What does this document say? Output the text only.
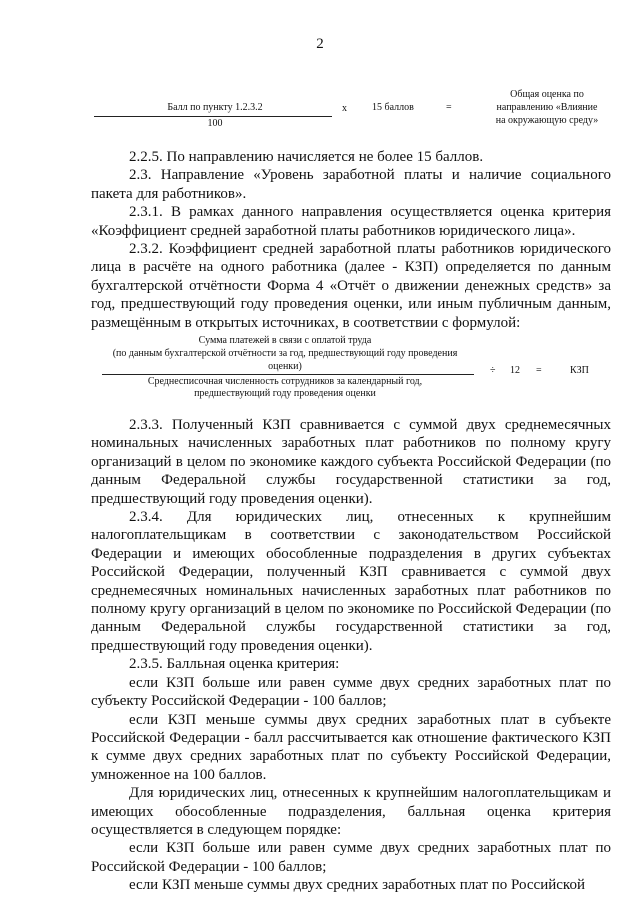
2
Балл по пункту 1.2.3.2
100
x	15 баллов	=
Общая оценка по
направлению «Влияние
на окружающую среду»

2.2.5. По направлению начисляется не более 15 баллов.

2.3. Направление «Уровень заработной платы и наличие социального пакета для работников».

2.3.1. В рамках данного направления осуществляется оценка критерия «Коэффициент средней заработной платы работников юридического лица».

2.3.2. Коэффициент средней заработной платы работников юридического лица в расчёте на одного работника (далее - КЗП) определяется по данным бухгалтерской отчётности Форма 4 «Отчёт о движении денежных средств» за год, предшествующий году проведения оценки, или иным публичным данным, размещённым в открытых источниках, в соответствии с формулой:

Сумма платежей в связи с оплатой труда
(по данным бухгалтерской отчётности за год, предшествующий году проведения
оценки)
Среднесписочная численность сотрудников за календарный год,
предшествующий году проведения оценки
÷ 12 =	КЗП

2.3.3. Полученный КЗП сравнивается с суммой двух среднемесячных номинальных начисленных заработных плат работников по полному кругу организаций в целом по экономике каждого субъекта Российской Федерации (по данным Федеральной службы государственной статистики за год, предшествующий году проведения оценки).

2.3.4. Для юридических лиц, отнесенных к крупнейшим налогоплательщикам в соответствии с законодательством Российской Федерации и имеющих обособленные подразделения в других субъектах Российской Федерации, полученный КЗП сравнивается с суммой двух среднемесячных номинальных начисленных заработных плат работников по полному кругу организаций в целом по экономике по Российской Федерации (по данным Федеральной службы государственной статистики за год, предшествующий году проведения оценки).

2.3.5. Балльная оценка критерия:

если КЗП больше или равен сумме двух средних заработных плат по субъекту Российской Федерации - 100 баллов;

если КЗП меньше суммы двух средних заработных плат в субъекте Российской Федерации - балл рассчитывается как отношение фактического КЗП к сумме двух средних заработных плат по субъекту Российской Федерации, умноженное на 100 баллов.

Для юридических лиц, отнесенных к крупнейшим налогоплательщикам и имеющих обособленные подразделения, балльная оценка критерия осуществляется в следующем порядке:

если КЗП больше или равен сумме двух средних заработных плат по Российской Федерации - 100 баллов;

если КЗП меньше суммы двух средних заработных плат по Российской
